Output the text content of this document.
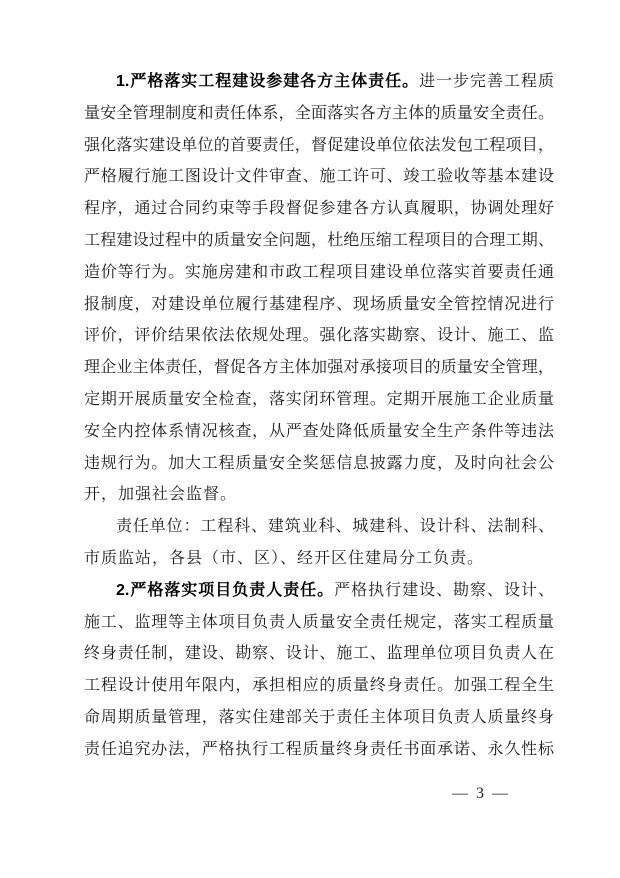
1.严格落实工程建设参建各方主体责任。进一步完善工程质
量安全管理制度和责任体系，全面落实各方主体的质量安全责任。
强化落实建设单位的首要责任，督促建设单位依法发包工程项目，
严格履行施工图设计文件审查、施工许可、竣工验收等基本建设
程序，通过合同约束等手段督促参建各方认真履职，协调处理好
工程建设过程中的质量安全问题，杜绝压缩工程项目的合理工期、
造价等行为。实施房建和市政工程项目建设单位落实首要责任通
报制度，对建设单位履行基建程序、现场质量安全管控情况进行
评价，评价结果依法依规处理。强化落实勘察、设计、施工、监
理企业主体责任，督促各方主体加强对承接项目的质量安全管理，
定期开展质量安全检查，落实闭环管理。定期开展施工企业质量
安全内控体系情况核查，从严查处降低质量安全生产条件等违法
违规行为。加大工程质量安全奖惩信息披露力度，及时向社会公
开，加强社会监督。
责任单位：工程科、建筑业科、城建科、设计科、法制科、
市质监站，各县（市、区）、经开区住建局分工负责。
2.严格落实项目负责人责任。严格执行建设、勘察、设计、
施工、监理等主体项目负责人质量安全责任规定，落实工程质量
终身责任制，建设、勘察、设计、施工、监理单位项目负责人在
工程设计使用年限内，承担相应的质量终身责任。加强工程全生
命周期质量管理，落实住建部关于责任主体项目负责人质量终身
责任追究办法，严格执行工程质量终身责任书面承诺、永久性标
— 3 —
